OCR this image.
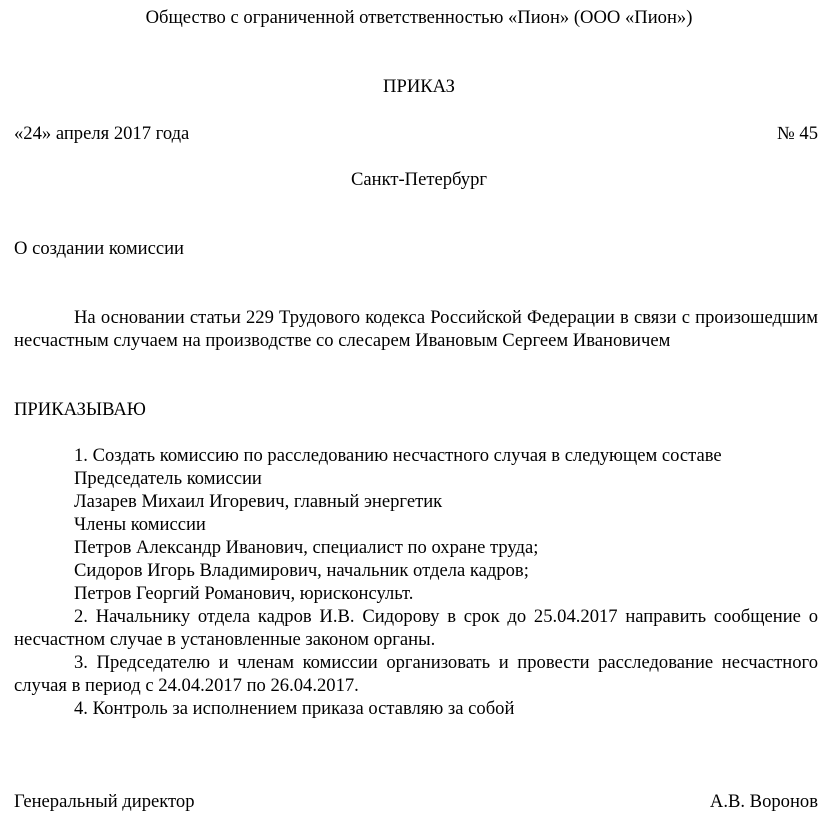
Общество с ограниченной ответственностью «Пион» (ООО «Пион»)
ПРИКАЗ
«24» апреля 2017 года	№ 45
Санкт-Петербург
О создании комиссии
На основании статьи 229 Трудового кодекса Российской Федерации в связи с произошедшим несчастным случаем на производстве со слесарем Ивановым Сергеем Ивановичем
ПРИКАЗЫВАЮ
1. Создать комиссию по расследованию несчастного случая в следующем составе
Председатель комиссии
Лазарев Михаил Игоревич, главный энергетик
Члены комиссии
Петров Александр Иванович, специалист по охране труда;
Сидоров Игорь Владимирович, начальник отдела кадров;
Петров Георгий Романович, юрисконсульт.
2. Начальнику отдела кадров И.В. Сидорову в срок до 25.04.2017 направить сообщение о несчастном случае в установленные законом органы.
3. Председателю и членам комиссии организовать и провести расследование несчастного случая в период с 24.04.2017 по 26.04.2017.
4. Контроль за исполнением приказа оставляю за собой
Генеральный директор	А.В. Воронов
